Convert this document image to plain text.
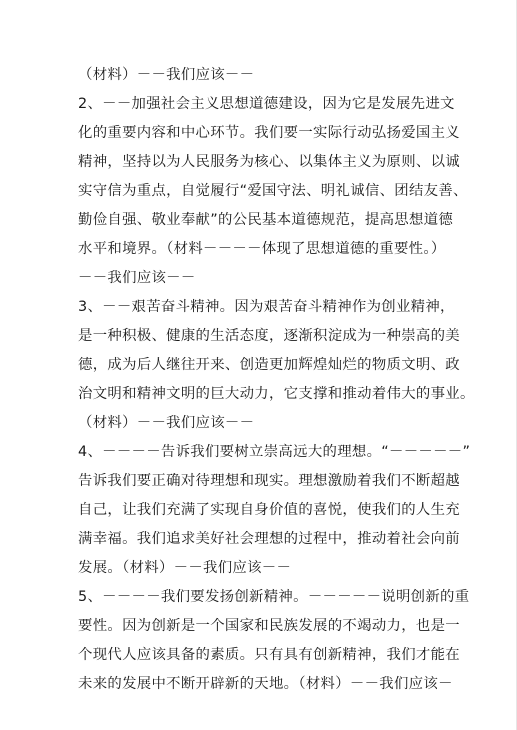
（材料）－－我们应该－－
2、－－加强社会主义思想道德建设，因为它是发展先进文
化的重要内容和中心环节。我们要一实际行动弘扬爱国主义
精神，坚持以为人民服务为核心、以集体主义为原则、以诚
实守信为重点，自觉履行“爱国守法、明礼诚信、团结友善、
勤俭自强、敬业奉献”的公民基本道德规范，提高思想道德
水平和境界。（材料－－－－体现了思想道德的重要性。）
－－我们应该－－
3、－－艰苦奋斗精神。因为艰苦奋斗精神作为创业精神，
是一种积极、健康的生活态度，逐渐积淀成为一种崇高的美
德，成为后人继往开来、创造更加辉煌灿烂的物质文明、政
治文明和精神文明的巨大动力，它支撑和推动着伟大的事业。
（材料）－－我们应该－－
4、－－－－告诉我们要树立崇高远大的理想。“－－－－－”
告诉我们要正确对待理想和现实。理想激励着我们不断超越
自己，让我们充满了实现自身价值的喜悦，使我们的人生充
满幸福。我们追求美好社会理想的过程中，推动着社会向前
发展。（材料）－－我们应该－－
5、－－－－我们要发扬创新精神。－－－－－说明创新的重
要性。因为创新是一个国家和民族发展的不竭动力，也是一
个现代人应该具备的素质。只有具有创新精神，我们才能在
未来的发展中不断开辟新的天地。（材料）－－我们应该－
